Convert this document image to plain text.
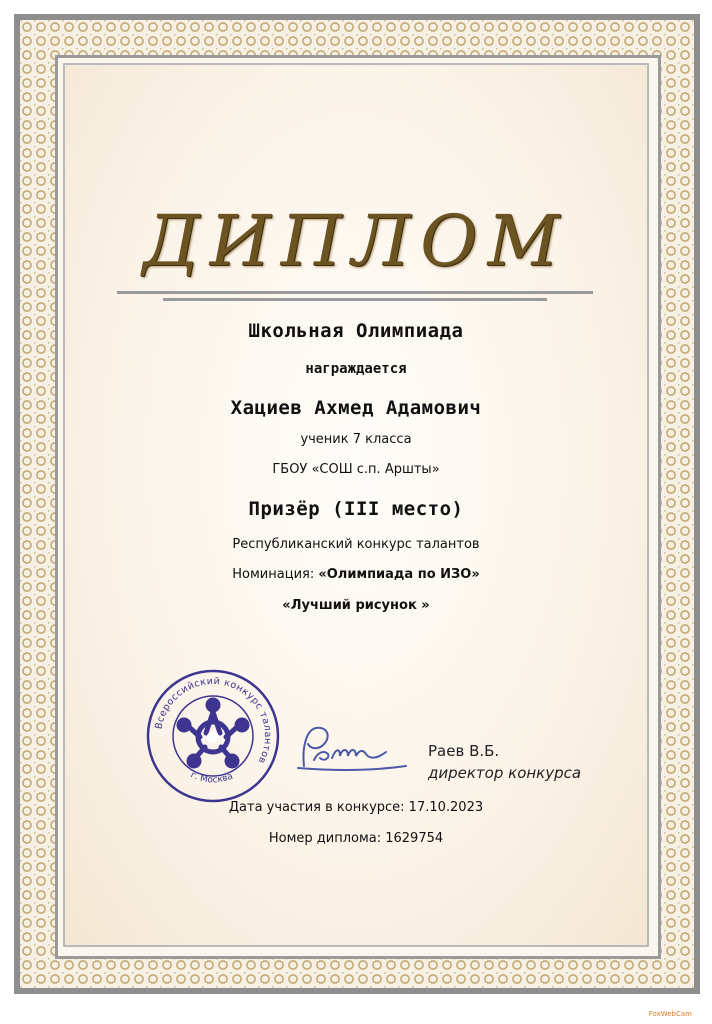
ДИПЛОМ
Школьная Олимпиада
награждается
Хациев Ахмед Адамович
ученик 7 класса
ГБОУ «СОШ с.п. Аршты»
Призёр (III место)
Республиканский конкурс талантов
Номинация: «Олимпиада по ИЗО»
«Лучший рисунок »
Всероссийский конкурс талантов
г. Москва
Раев В.Б.
директор конкурса
Дата участия в конкурсе: 17.10.2023
Номер диплома: 1629754
FoxWebCam
